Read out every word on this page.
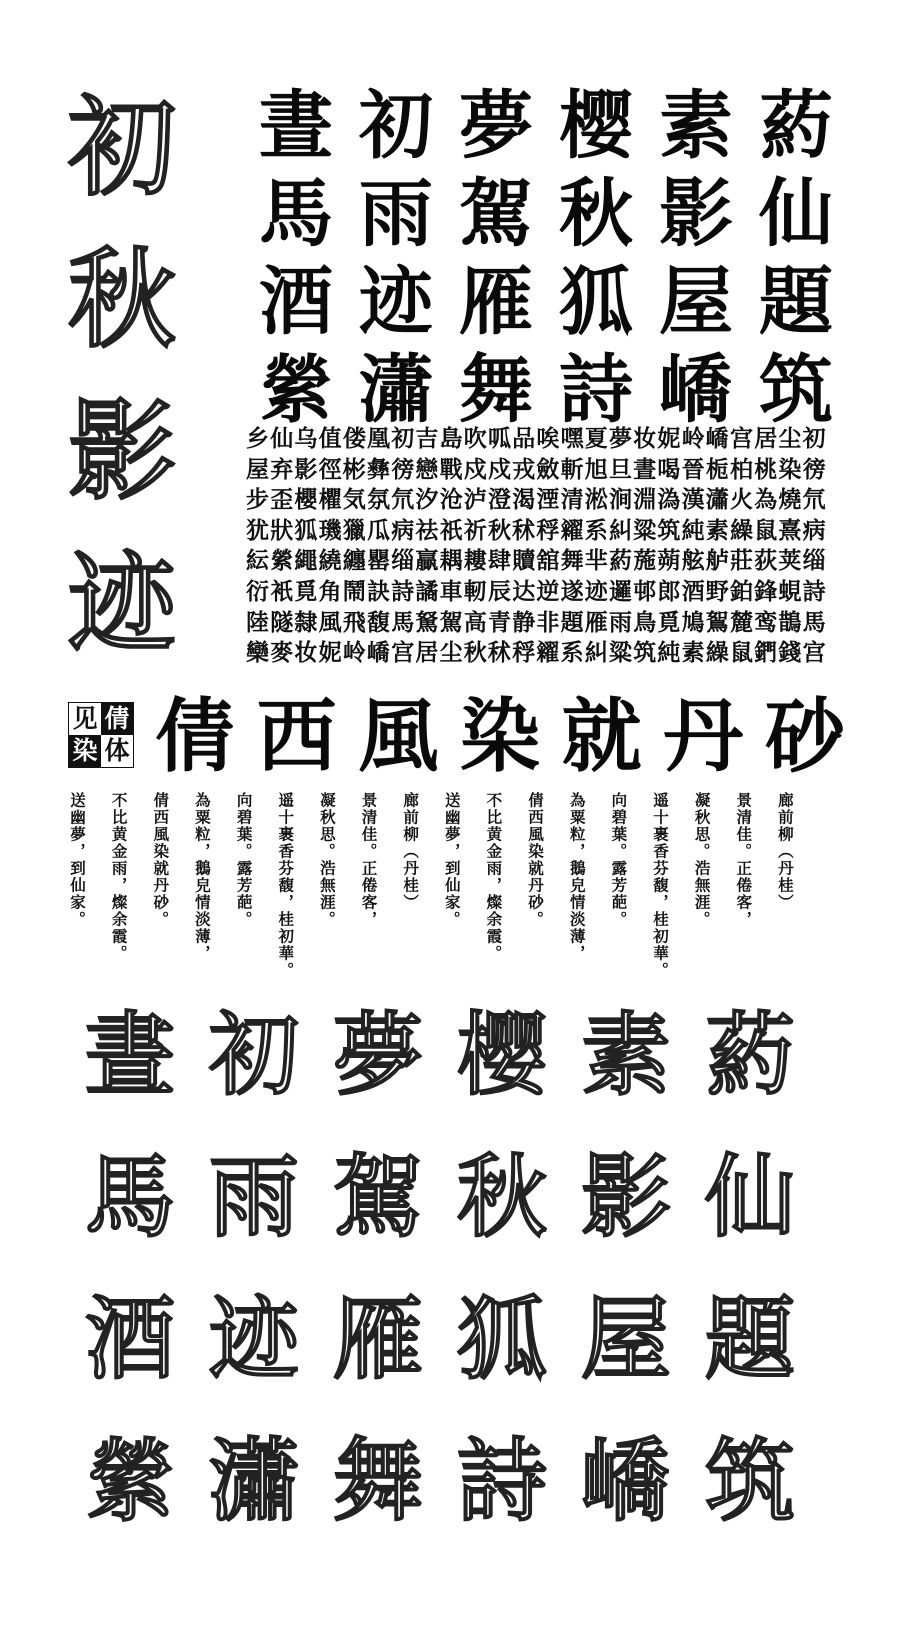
初
秋
影
迹
晝 初 夢 樱 素 葯
馬 雨 駕 秋 影 仙
酒 迹 雁 狐 屋 題
縈 瀟 舞 詩 嶠 筑
乡仙乌值偻凰初吉島吹呱品唉嘿夏夢妆妮岭嶠宫居尘初
屋弃影徑彬彝徬戀戰戍戍戎斂斬旭旦晝喝晉栀柏桃染徬
步歪櫻欋気氛氘汐沧泸澄渴湮清淞涧淵溈漢瀟火為燒氘
犹狀狐璣獵瓜病祛祇祈秋秫稃糴系糾粱筑純素繰鼠熹病
紜縈繩繞纏罌缁贏耦耬肆贖舘舞芈葯葹蒴舷舻莊荻荚缁
衍衹覓角鬧訣詩譎車軔辰达逆遂迹邏邨郎酒野鉑鋒蜆詩
陸隧隸風飛馥馬駑駕高青静非題雁雨鳥覓鳩鴽麓鸾鵲馬
欒麥妆妮岭嶠宫居尘秋秫稃糴系糾粱筑純素繰鼠鍆錢宫
见 倩
染 体 倩 西 風 染 就 丹 砂
廊前柳（丹桂）
景清佳。正倦客，
凝秋思。浩無涯。
遥十裹香芬馥，桂初華。
向碧葉。露芳葩。
為粟粒，鵝皃情淡薄，
倩西風染就丹砂。
不比黄金雨，燦余霞。
送幽夢，到仙家。
廊前柳（丹桂）
景清佳。正倦客，
凝秋思。浩無涯。
遥十裹香芬馥，桂初華。
向碧葉。露芳葩。
為粟粒，鵝皃情淡薄，
倩西風染就丹砂。
不比黄金雨，燦余霞。
送幽夢，到仙家。
晝 初 夢 樱 素 葯
馬 雨 駕 秋 影 仙
酒 迹 雁 狐 屋 題
縈 瀟 舞 詩 嶠 筑
